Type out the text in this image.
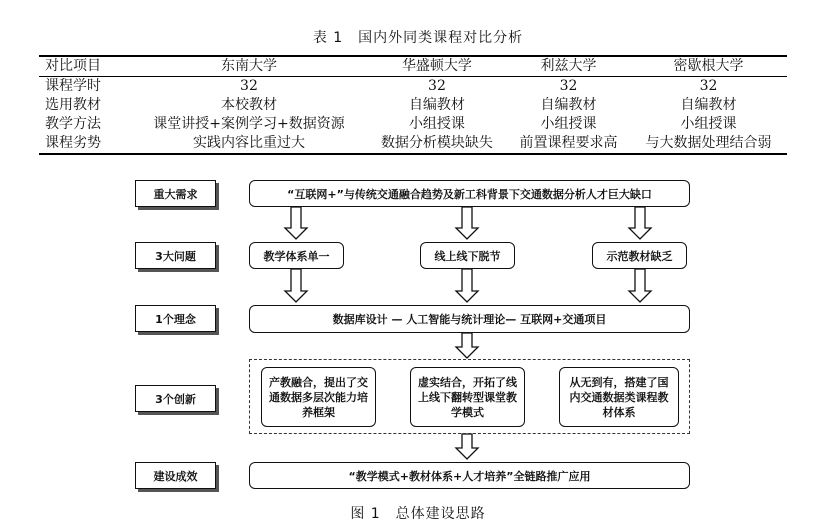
表 1　国内外同类课程对比分析
对比项目	东南大学	华盛顿大学	利兹大学	密歇根大学
课程学时	32	32	32	32
选用教材	本校教材	自编教材	自编教材	自编教材
教学方法	课堂讲授+案例学习+数据资源	小组授课	小组授课	小组授课
课程劣势	实践内容比重过大	数据分析模块缺失	前置课程要求高	与大数据处理结合弱
重大需求
3大问题
1个理念
3个创新
建设成效
“互联网+”与传统交通融合趋势及新工科背景下交通数据分析人才巨大缺口
教学体系单一	线上线下脱节	示范教材缺乏
数据库设计 — 人工智能与统计理论— 互联网+交通项目
产教融合，提出了交通数据多层次能力培养框架
虚实结合，开拓了线上线下翻转型课堂教学模式
从无到有，搭建了国内交通数据类课程教材体系
“教学模式+教材体系+人才培养”全链路推广应用
图 1　总体建设思路
